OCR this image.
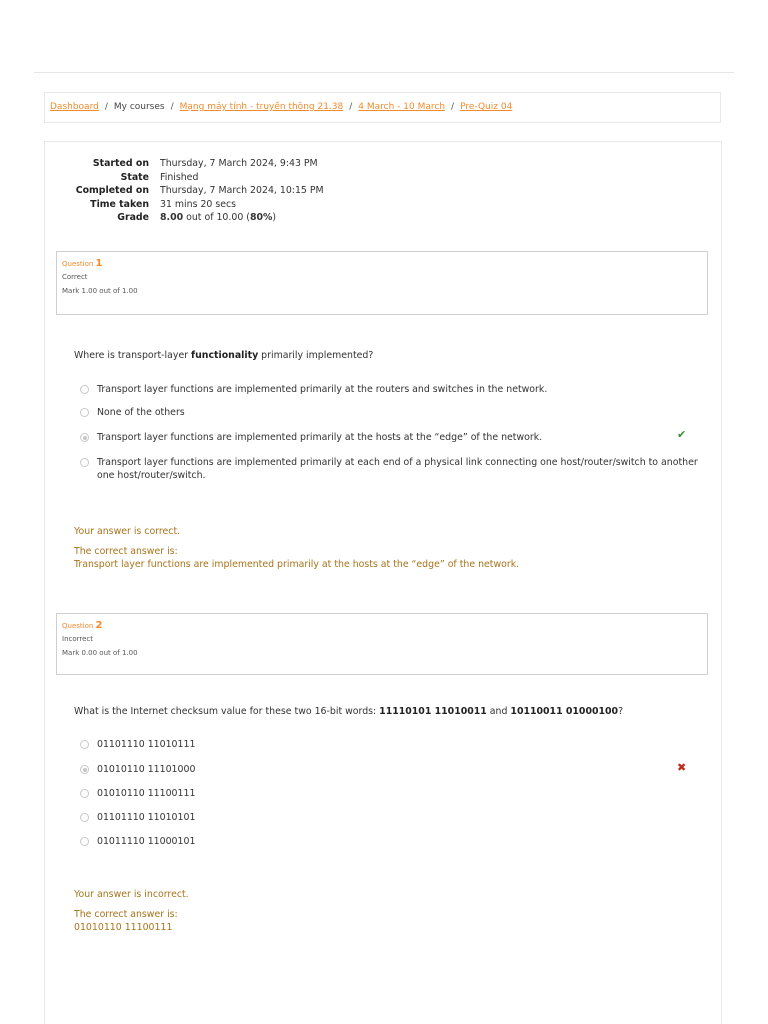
Dashboard / My courses / Mạng máy tính - truyền thông 21.38 / 4 March - 10 March / Pre-Quiz 04
Started on	Thursday, 7 March 2024, 9:43 PM
State	Finished
Completed on	Thursday, 7 March 2024, 10:15 PM
Time taken	31 mins 20 secs
Grade	8.00 out of 10.00 (80%)
Question 1
Correct
Mark 1.00 out of 1.00
Where is transport-layer functionality primarily implemented?
Transport layer functions are implemented primarily at the routers and switches in the network.
None of the others
Transport layer functions are implemented primarily at the hosts at the “edge” of the network.
Transport layer functions are implemented primarily at each end of a physical link connecting one host/router/switch to another one host/router/switch.
✔
Your answer is correct.
The correct answer is:
Transport layer functions are implemented primarily at the hosts at the “edge” of the network.
Question 2
Incorrect
Mark 0.00 out of 1.00
What is the Internet checksum value for these two 16-bit words: 11110101 11010011 and 10110011 01000100?
01101110 11010111
01010110 11101000
01010110 11100111
01101110 11010101
01011110 11000101
✖
Your answer is incorrect.
The correct answer is:
01010110 11100111
